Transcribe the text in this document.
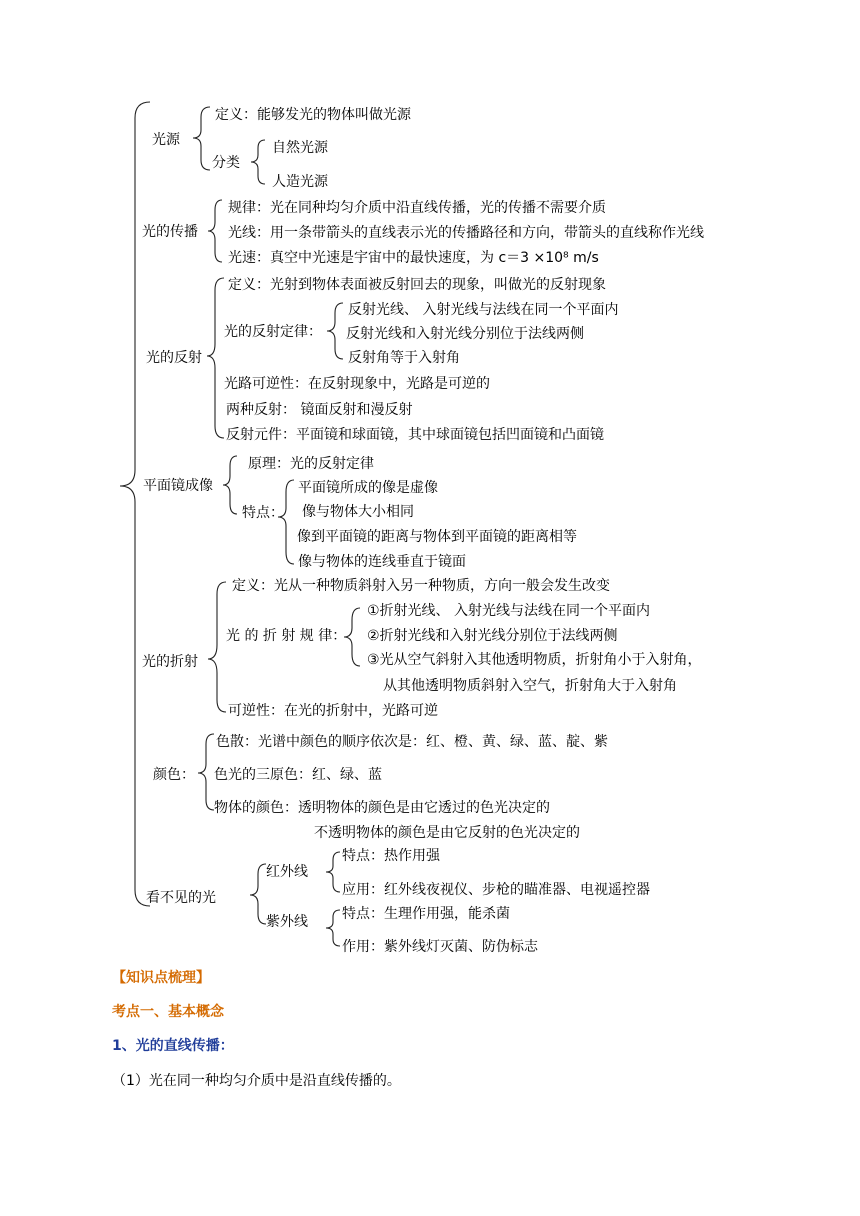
光源
定义：能够发光的物体叫做光源
分类
自然光源
人造光源
光的传播
规律：光在同种均匀介质中沿直线传播，光的传播不需要介质
光线：用一条带箭头的直线表示光的传播路径和方向，带箭头的直线称作光线
光速：真空中光速是宇宙中的最快速度，为 c＝3 ×10⁸ m/s
光的反射
定义：光射到物体表面被反射回去的现象，叫做光的反射现象
光的反射定律：
反射光线、 入射光线与法线在同一个平面内
反射光线和入射光线分别位于法线两侧
反射角等于入射角
光路可逆性：在反射现象中，光路是可逆的
两种反射： 镜面反射和漫反射
反射元件：平面镜和球面镜，其中球面镜包括凹面镜和凸面镜
平面镜成像
原理：光的反射定律
特点：
平面镜所成的像是虚像
像与物体大小相同
像到平面镜的距离与物体到平面镜的距离相等
像与物体的连线垂直于镜面
光的折射
定义：光从一种物质斜射入另一种物质，方向一般会发生改变
光 的 折 射 规 律：
①折射光线、 入射光线与法线在同一个平面内
②折射光线和入射光线分别位于法线两侧
③光从空气斜射入其他透明物质，折射角小于入射角，
从其他透明物质斜射入空气，折射角大于入射角
可逆性：在光的折射中，光路可逆
颜色：
色散：光谱中颜色的顺序依次是：红、橙、黄、绿、蓝、靛、紫
色光的三原色：红、绿、蓝
物体的颜色：透明物体的颜色是由它透过的色光决定的
不透明物体的颜色是由它反射的色光决定的
看不见的光
红外线
特点：热作用强
应用：红外线夜视仪、步枪的瞄准器、电视遥控器
紫外线 特点：生理作用强，能杀菌
作用：紫外线灯灭菌、防伪标志
【知识点梳理】
考点一、基本概念
1、光的直线传播：
（1）光在同一种均匀介质中是沿直线传播的。
